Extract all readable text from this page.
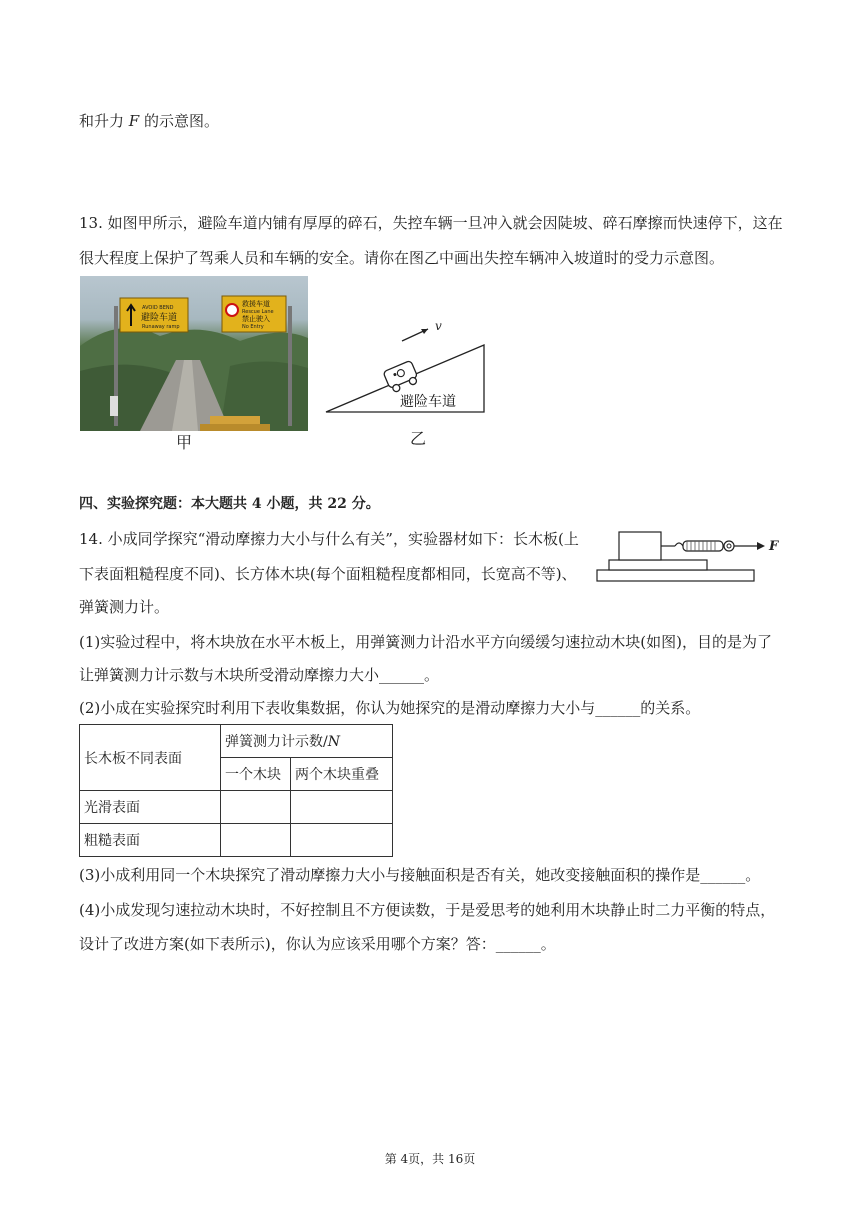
和升力 F 的示意图。
13. 如图甲所示，避险车道内铺有厚厚的碎石，失控车辆一旦冲入就会因陡坡、碎石摩擦而快速停下，这在
很大程度上保护了驾乘人员和车辆的安全。请你在图乙中画出失控车辆冲入坡道时的受力示意图。
AVOID BEND
避险车道
Runaway ramp
救援车道
Rescue Lane
禁止驶入
No Entry
甲
v
避险车道
乙
四、实验探究题：本大题共 4 小题，共 22 分。
14. 小成同学探究“滑动摩擦力大小与什么有关”，实验器材如下：长木板(上
下表面粗糙程度不同)、长方体木块(每个面粗糙程度都相同，长宽高不等)、
弹簧测力计。
F
(1)实验过程中，将木块放在水平木板上，用弹簧测力计沿水平方向缓缓匀速拉动木块(如图)，目的是为了
让弹簧测力计示数与木块所受滑动摩擦力大小______。
(2)小成在实验探究时利用下表收集数据，你认为她探究的是滑动摩擦力大小与______的关系。
长木板不同表面	弹簧测力计示数/N	
	一个木块	两个木块重叠
光滑表面		
粗糙表面		
(3)小成利用同一个木块探究了滑动摩擦力大小与接触面积是否有关，她改变接触面积的操作是______。
(4)小成发现匀速拉动木块时，不好控制且不方便读数，于是爱思考的她利用木块静止时二力平衡的特点，
设计了改进方案(如下表所示)，你认为应该采用哪个方案？答：______。
第 4页，共 16页
